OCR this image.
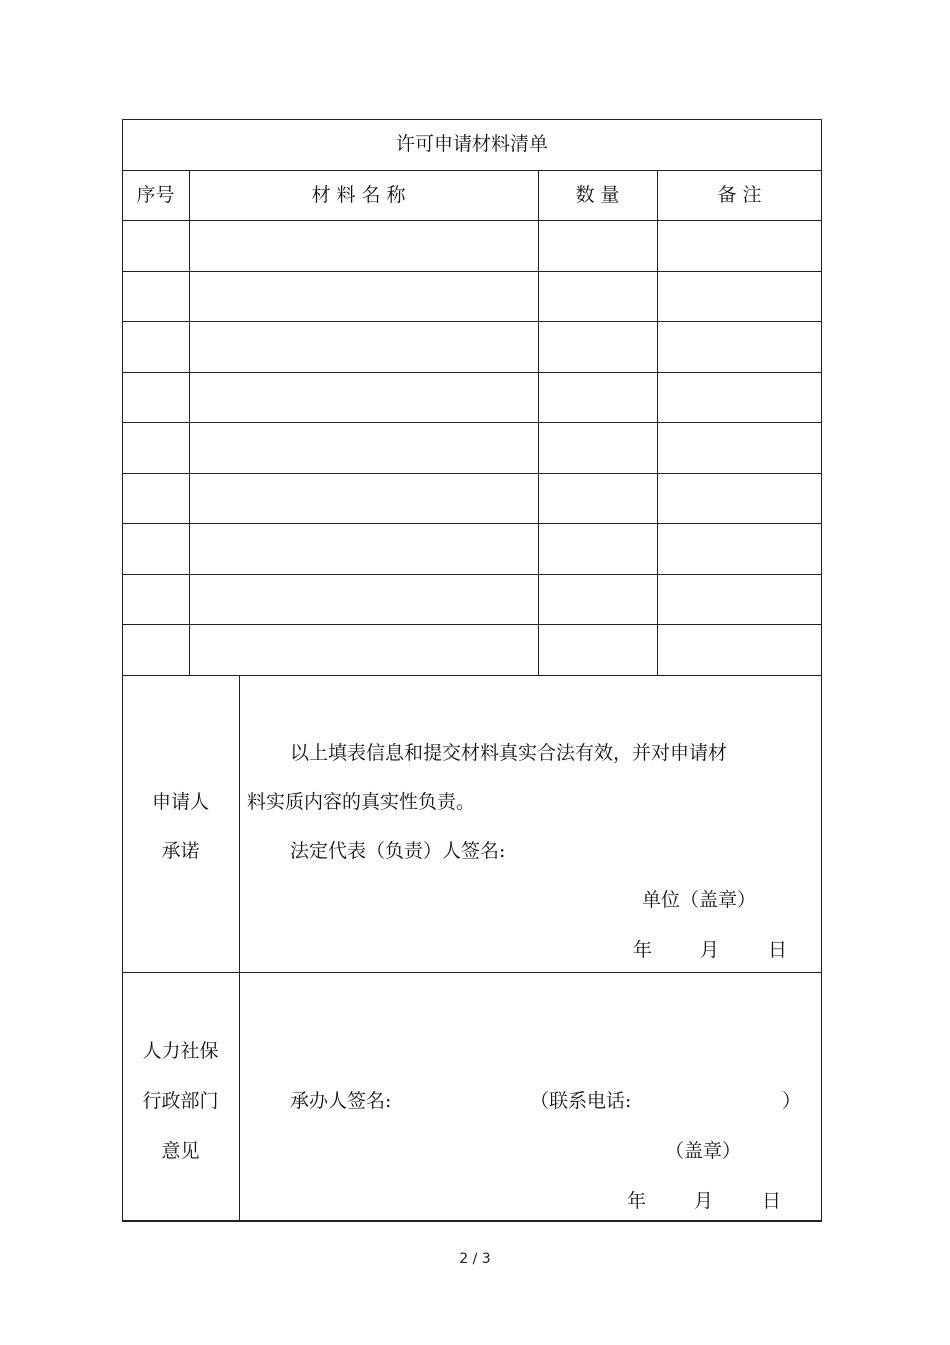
许可申请材料清单
序号	材 料 名 称	数 量	备 注
申请人
承诺
以上填表信息和提交材料真实合法有效，并对申请材
料实质内容的真实性负责。
法定代表（负责）人签名:
单位（盖章）
年	月	日
人力社保
行政部门
意见
承办人签名:	（联系电话:	）
（盖章）
年	月	日
2 / 3
